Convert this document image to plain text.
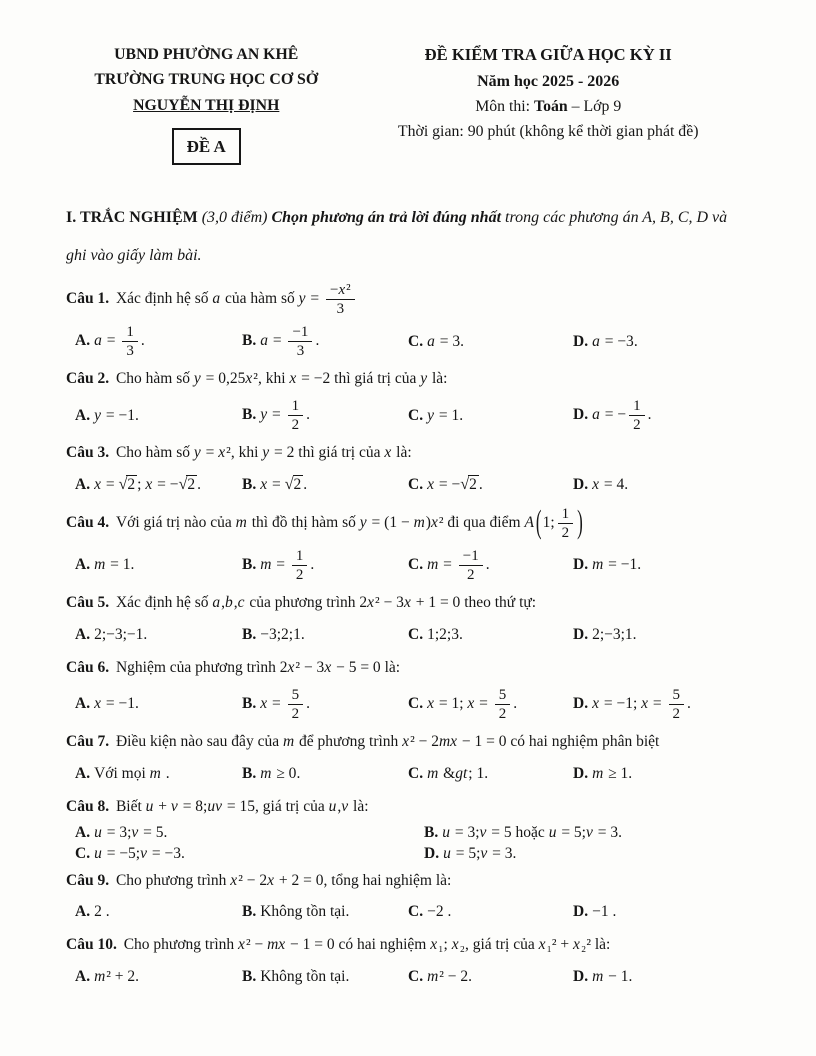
UBND PHƯỜNG AN KHÊ
TRƯỜNG TRUNG HỌC CƠ SỞ
NGUYỄN THỊ ĐỊNH
ĐỀ A
ĐỀ KIỂM TRA GIỮA HỌC KỲ II
Năm học 2025 - 2026
Môn thi: Toán – Lớp 9
Thời gian: 90 phút (không kể thời gian phát đề)
I. TRẮC NGHIỆM (3,0 điểm) Chọn phương án trả lời đúng nhất trong các phương án A, B, C, D và ghi vào giấy làm bài.
Câu 1. Xác định hệ số a của hàm số $y = \frac{\text{−x²}}{3}$
A. $a = \frac{1}{3}$ .	B. $a = \frac{-1}{3}$ .	C. a = 3.	D. a = −3.
Câu 2. Cho hàm số y = 0,25x², khi x = −2 thì giá trị của y là:
A. y = −1.	B. $y = \frac{1}{2}$ .	C. y = 1.	D. a = − $\frac{1}{2}$ .
Câu 3. Cho hàm số y = x², khi y = 2 thì giá trị của x là:
A. x = √2 ; x = −√2 .	B. x = √2 .	C. x = −√2 .	D. x = 4.
Câu 4. Với giá trị nào của m thì đồ thị hàm số y = (1 − m)x² đi qua điểm A (1; $\frac{1}{2}$ )
A. m = 1.	B. $m = \frac{1}{2}$ .	C. $m = \frac{-1}{2}$ .	D. m = −1.
Câu 5. Xác định hệ số a,b,c của phương trình 2x² − 3x + 1 = 0 theo thứ tự:
A. 2;−3;−1.	B. −3;2;1.	C. 1;2;3.	D. 2;−3;1.
Câu 6. Nghiệm của phương trình 2x² − 3x − 5 = 0 là:
A. x = −1.	B. $x = \frac{5}{2}$ .	C. x = 1; $x = \frac{5}{2}$ .	D. x = −1; $x = \frac{5}{2}$ .
Câu 7. Điều kiện nào sau đây của m để phương trình x² − 2mx − 1 = 0 có hai nghiệm phân biệt
A. Với mọi m .	B. m ≥ 0.	C. m &gt; 1.	D. m ≥ 1.
Câu 8. Biết u + v = 8;uv = 15, giá trị của u,v là:
A. u = 3;v = 5.	B. u = 3;v = 5 hoặc u = 5;v = 3.
C. u = −5;v = −3.	D. u = 5;v = 3.
Câu 9. Cho phương trình x² − 2x + 2 = 0, tổng hai nghiệm là:
A. 2 .	B. Không tồn tại.	C. −2 .	D. −1 .
Câu 10. Cho phương trình x² − mx − 1 = 0 có hai nghiệm x₁; x₂, giá trị của x₁² + x₂² là:
A. m² + 2.	B. Không tồn tại.	C. m² − 2.	D. m − 1.
